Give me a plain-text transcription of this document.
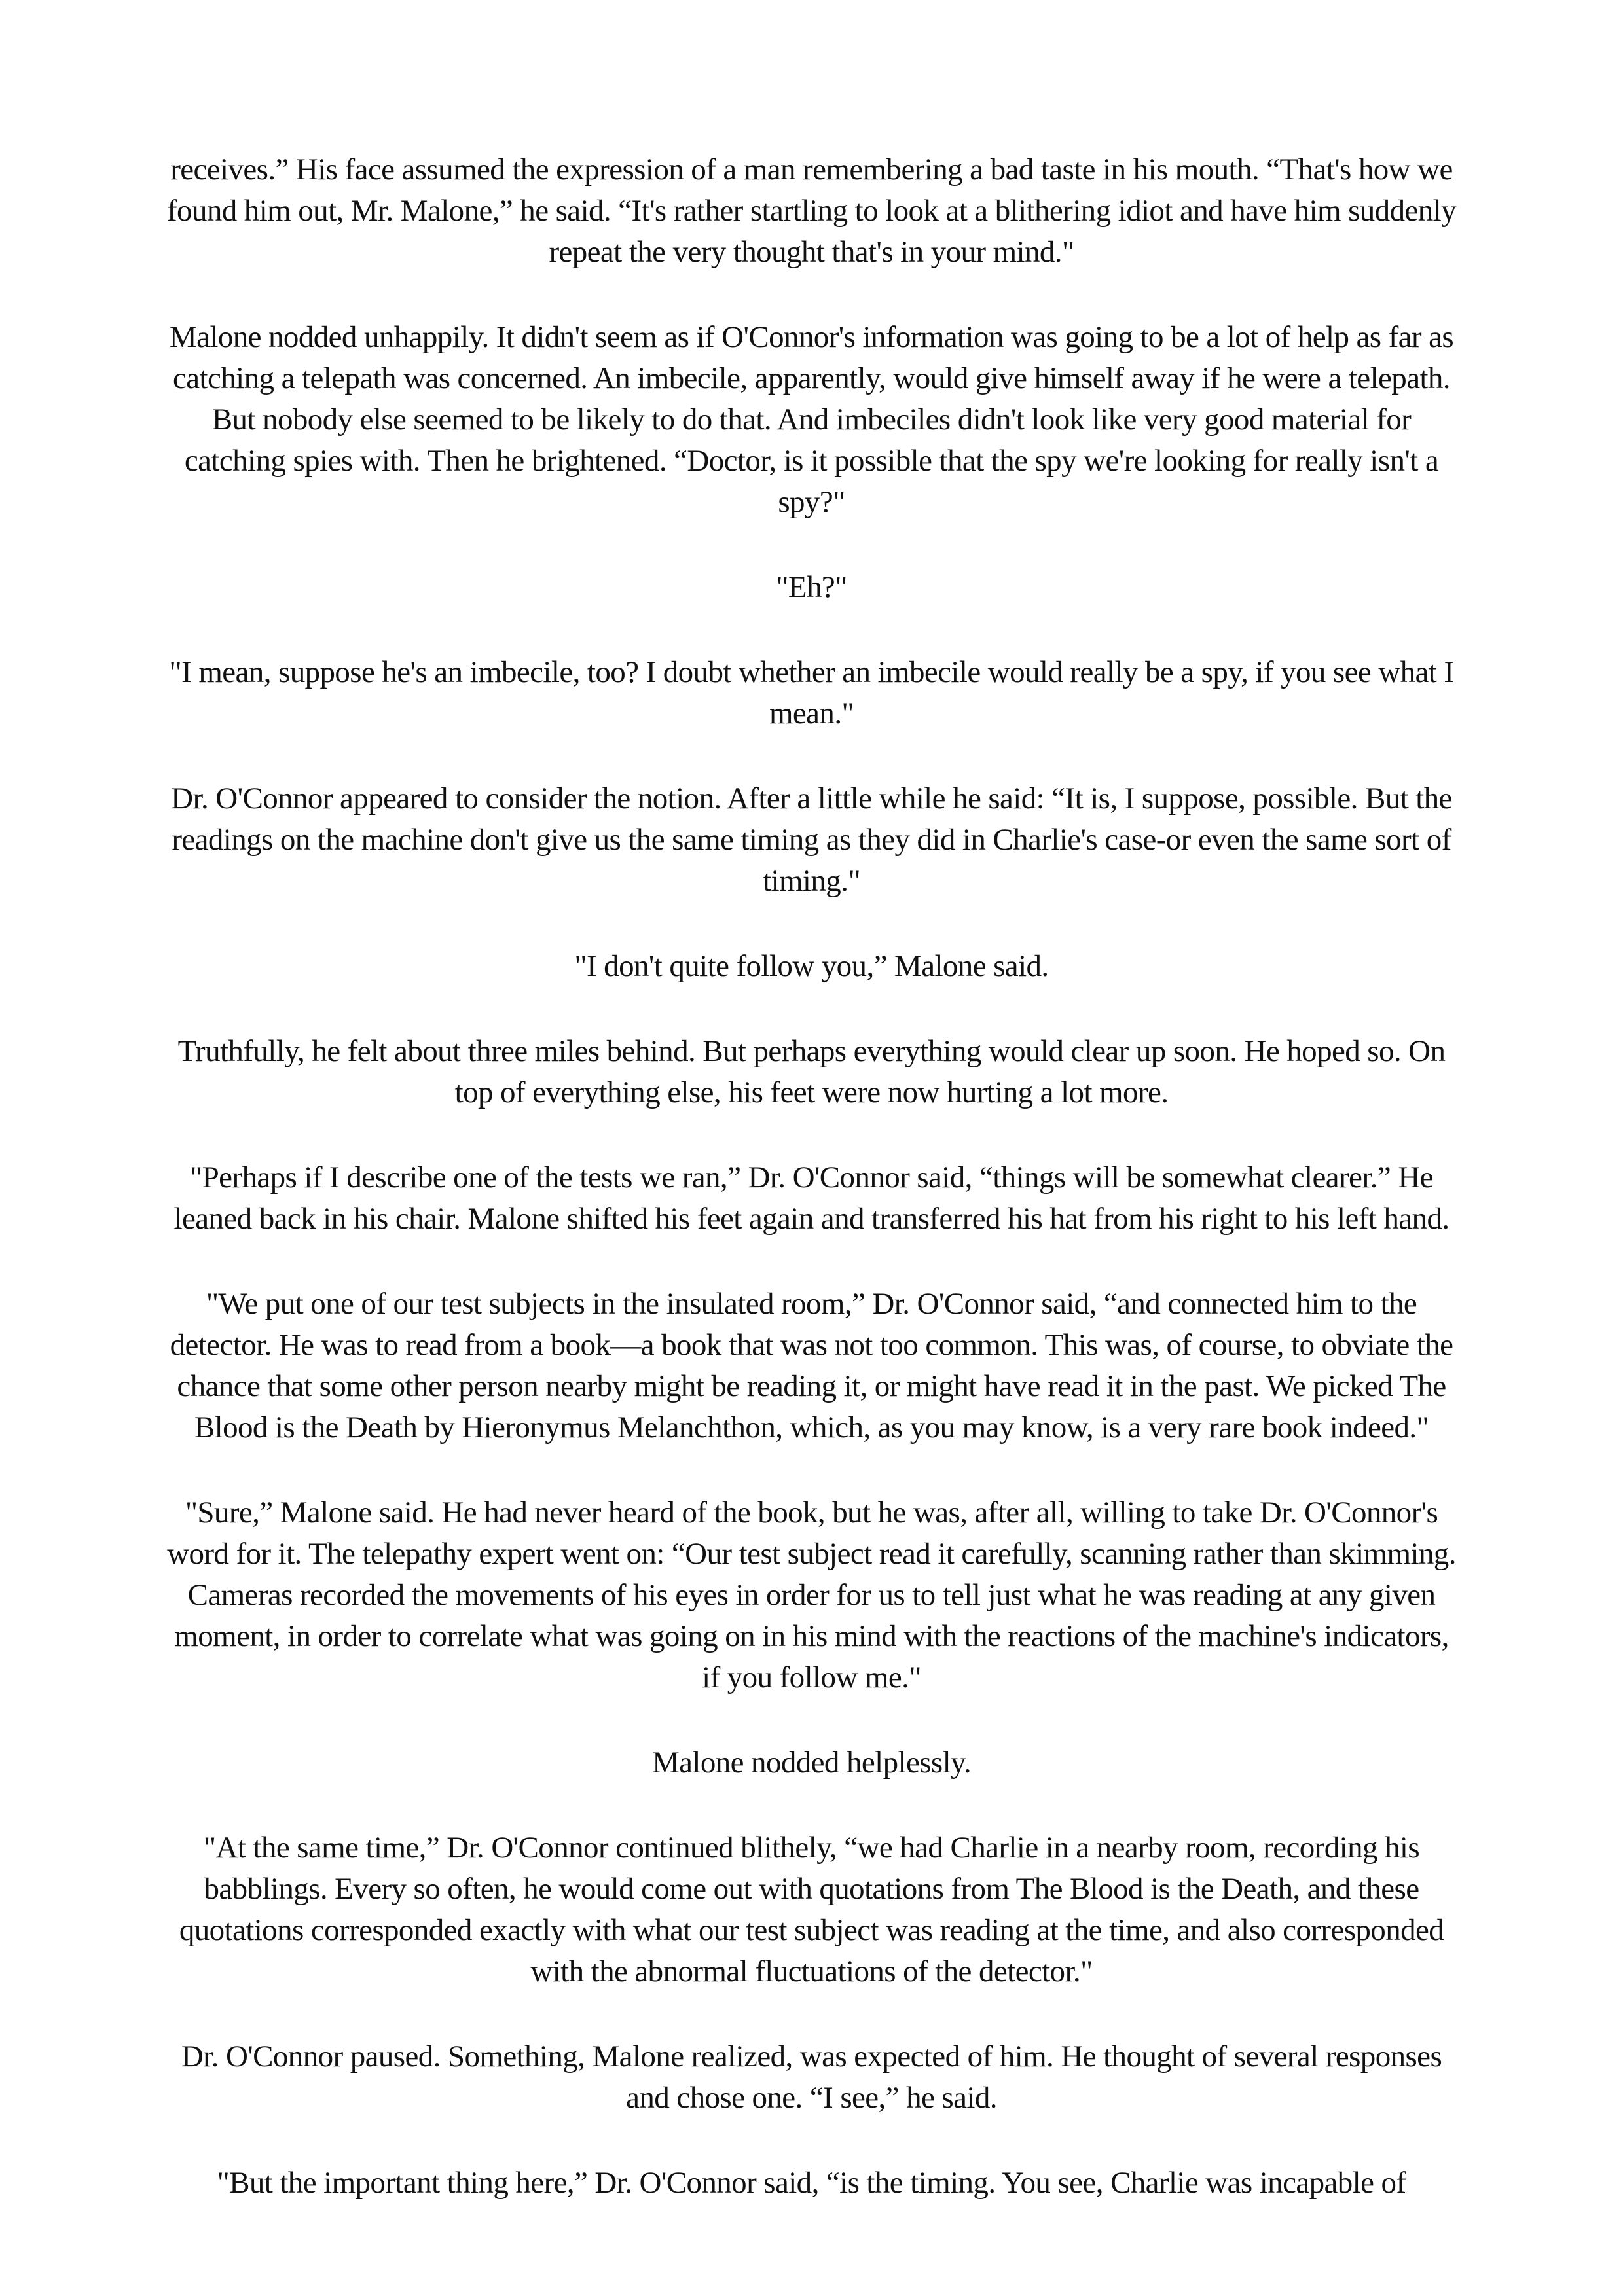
receives.” His face assumed the expression of a man remembering a bad taste in his mouth. “That's how we found him out, Mr. Malone,” he said. “It's rather startling to look at a blithering idiot and have him suddenly repeat the very thought that's in your mind."

Malone nodded unhappily. It didn't seem as if O'Connor's information was going to be a lot of help as far as catching a telepath was concerned. An imbecile, apparently, would give himself away if he were a telepath. But nobody else seemed to be likely to do that. And imbeciles didn't look like very good material for catching spies with. Then he brightened. “Doctor, is it possible that the spy we're looking for really isn't a spy?"

"Eh?"

"I mean, suppose he's an imbecile, too? I doubt whether an imbecile would really be a spy, if you see what I mean."

Dr. O'Connor appeared to consider the notion. After a little while he said: “It is, I suppose, possible. But the readings on the machine don't give us the same timing as they did in Charlie's case-or even the same sort of timing."

"I don't quite follow you,” Malone said.

Truthfully, he felt about three miles behind. But perhaps everything would clear up soon. He hoped so. On top of everything else, his feet were now hurting a lot more.

"Perhaps if I describe one of the tests we ran,” Dr. O'Connor said, “things will be somewhat clearer.” He leaned back in his chair. Malone shifted his feet again and transferred his hat from his right to his left hand.

"We put one of our test subjects in the insulated room,” Dr. O'Connor said, “and connected him to the detector. He was to read from a book—a book that was not too common. This was, of course, to obviate the chance that some other person nearby might be reading it, or might have read it in the past. We picked The Blood is the Death by Hieronymus Melanchthon, which, as you may know, is a very rare book indeed."

"Sure,” Malone said. He had never heard of the book, but he was, after all, willing to take Dr. O'Connor's word for it. The telepathy expert went on: “Our test subject read it carefully, scanning rather than skimming. Cameras recorded the movements of his eyes in order for us to tell just what he was reading at any given moment, in order to correlate what was going on in his mind with the reactions of the machine's indicators, if you follow me."

Malone nodded helplessly.

"At the same time,” Dr. O'Connor continued blithely, “we had Charlie in a nearby room, recording his babblings. Every so often, he would come out with quotations from The Blood is the Death, and these quotations corresponded exactly with what our test subject was reading at the time, and also corresponded with the abnormal fluctuations of the detector."

Dr. O'Connor paused. Something, Malone realized, was expected of him. He thought of several responses and chose one. “I see,” he said.

"But the important thing here,” Dr. O'Connor said, “is the timing. You see, Charlie was incapable of
